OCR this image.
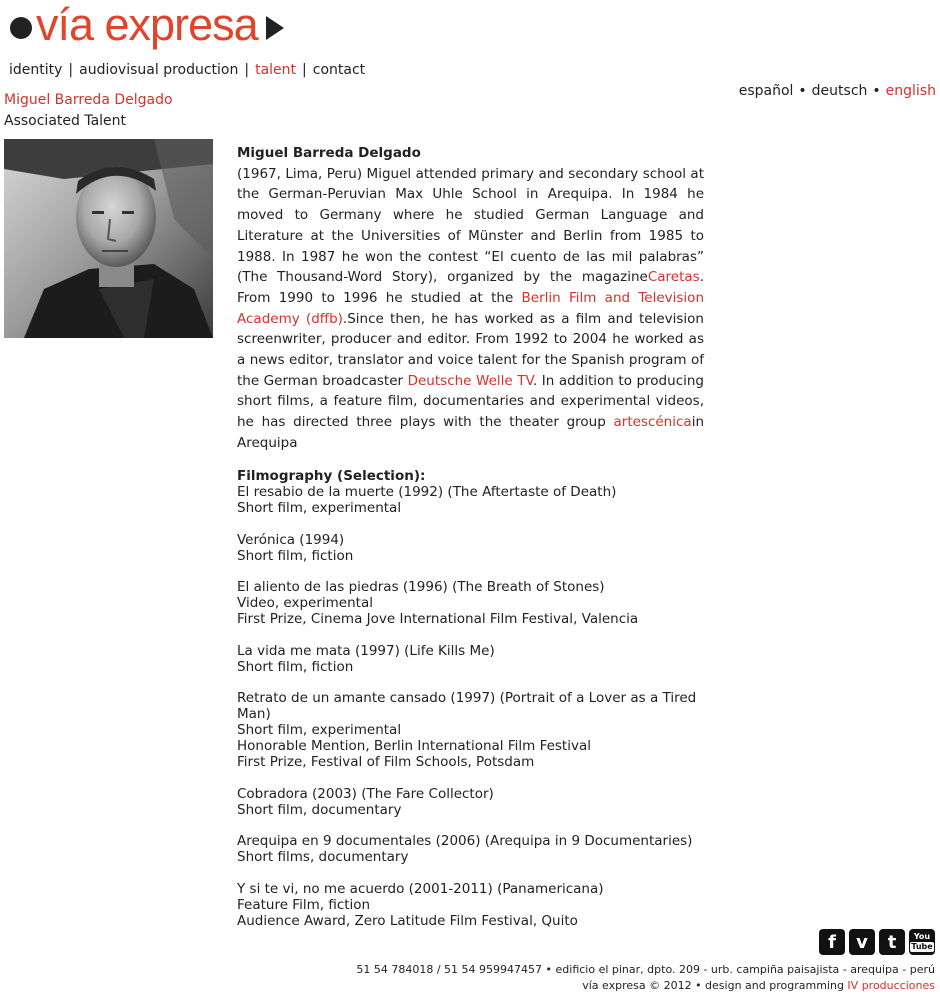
vía expresa
identity | audiovisual production | talent | contact
español • deutsch • english
Miguel Barreda Delgado
Associated Talent
Miguel Barreda Delgado
(1967, Lima, Peru) Miguel attended primary and secondary school at the German-Peruvian Max Uhle School in Arequipa. In 1984 he moved to Germany where he studied German Language and Literature at the Universities of Münster and Berlin from 1985 to 1988. In 1987 he won the contest “El cuento de las mil palabras” (The Thousand-Word Story), organized by the magazineCaretas. From 1990 to 1996 he studied at the Berlin Film and Television Academy (dffb).Since then, he has worked as a film and television screenwriter, producer and editor. From 1992 to 2004 he worked as a news editor, translator and voice talent for the Spanish program of the German broadcaster Deutsche Welle TV. In addition to producing short films, a feature film, documentaries and experimental videos, he has directed three plays with the theater group artescénicain Arequipa
Filmography (Selection):
El resabio de la muerte (1992) (The Aftertaste of Death)
Short film, experimental
Verónica (1994)
Short film, fiction
El aliento de las piedras (1996) (The Breath of Stones)
Video, experimental
First Prize, Cinema Jove International Film Festival, Valencia
La vida me mata (1997) (Life Kills Me)
Short film, fiction
Retrato de un amante cansado (1997) (Portrait of a Lover as a Tired Man)
Short film, experimental
Honorable Mention, Berlin International Film Festival
First Prize, Festival of Film Schools, Potsdam
Cobradora (2003) (The Fare Collector)
Short film, documentary
Arequipa en 9 documentales (2006) (Arequipa in 9 Documentaries)
Short films, documentary
Y si te vi, no me acuerdo (2001-2011) (Panamericana)
Feature Film, fiction
Audience Award, Zero Latitude Film Festival, Quito
f v t You
Tube
51 54 784018 / 51 54 959947457 • edificio el pinar, dpto. 209 - urb. campiña paisajista - arequipa - perú
vía expresa © 2012 • design and programming IV producciones
